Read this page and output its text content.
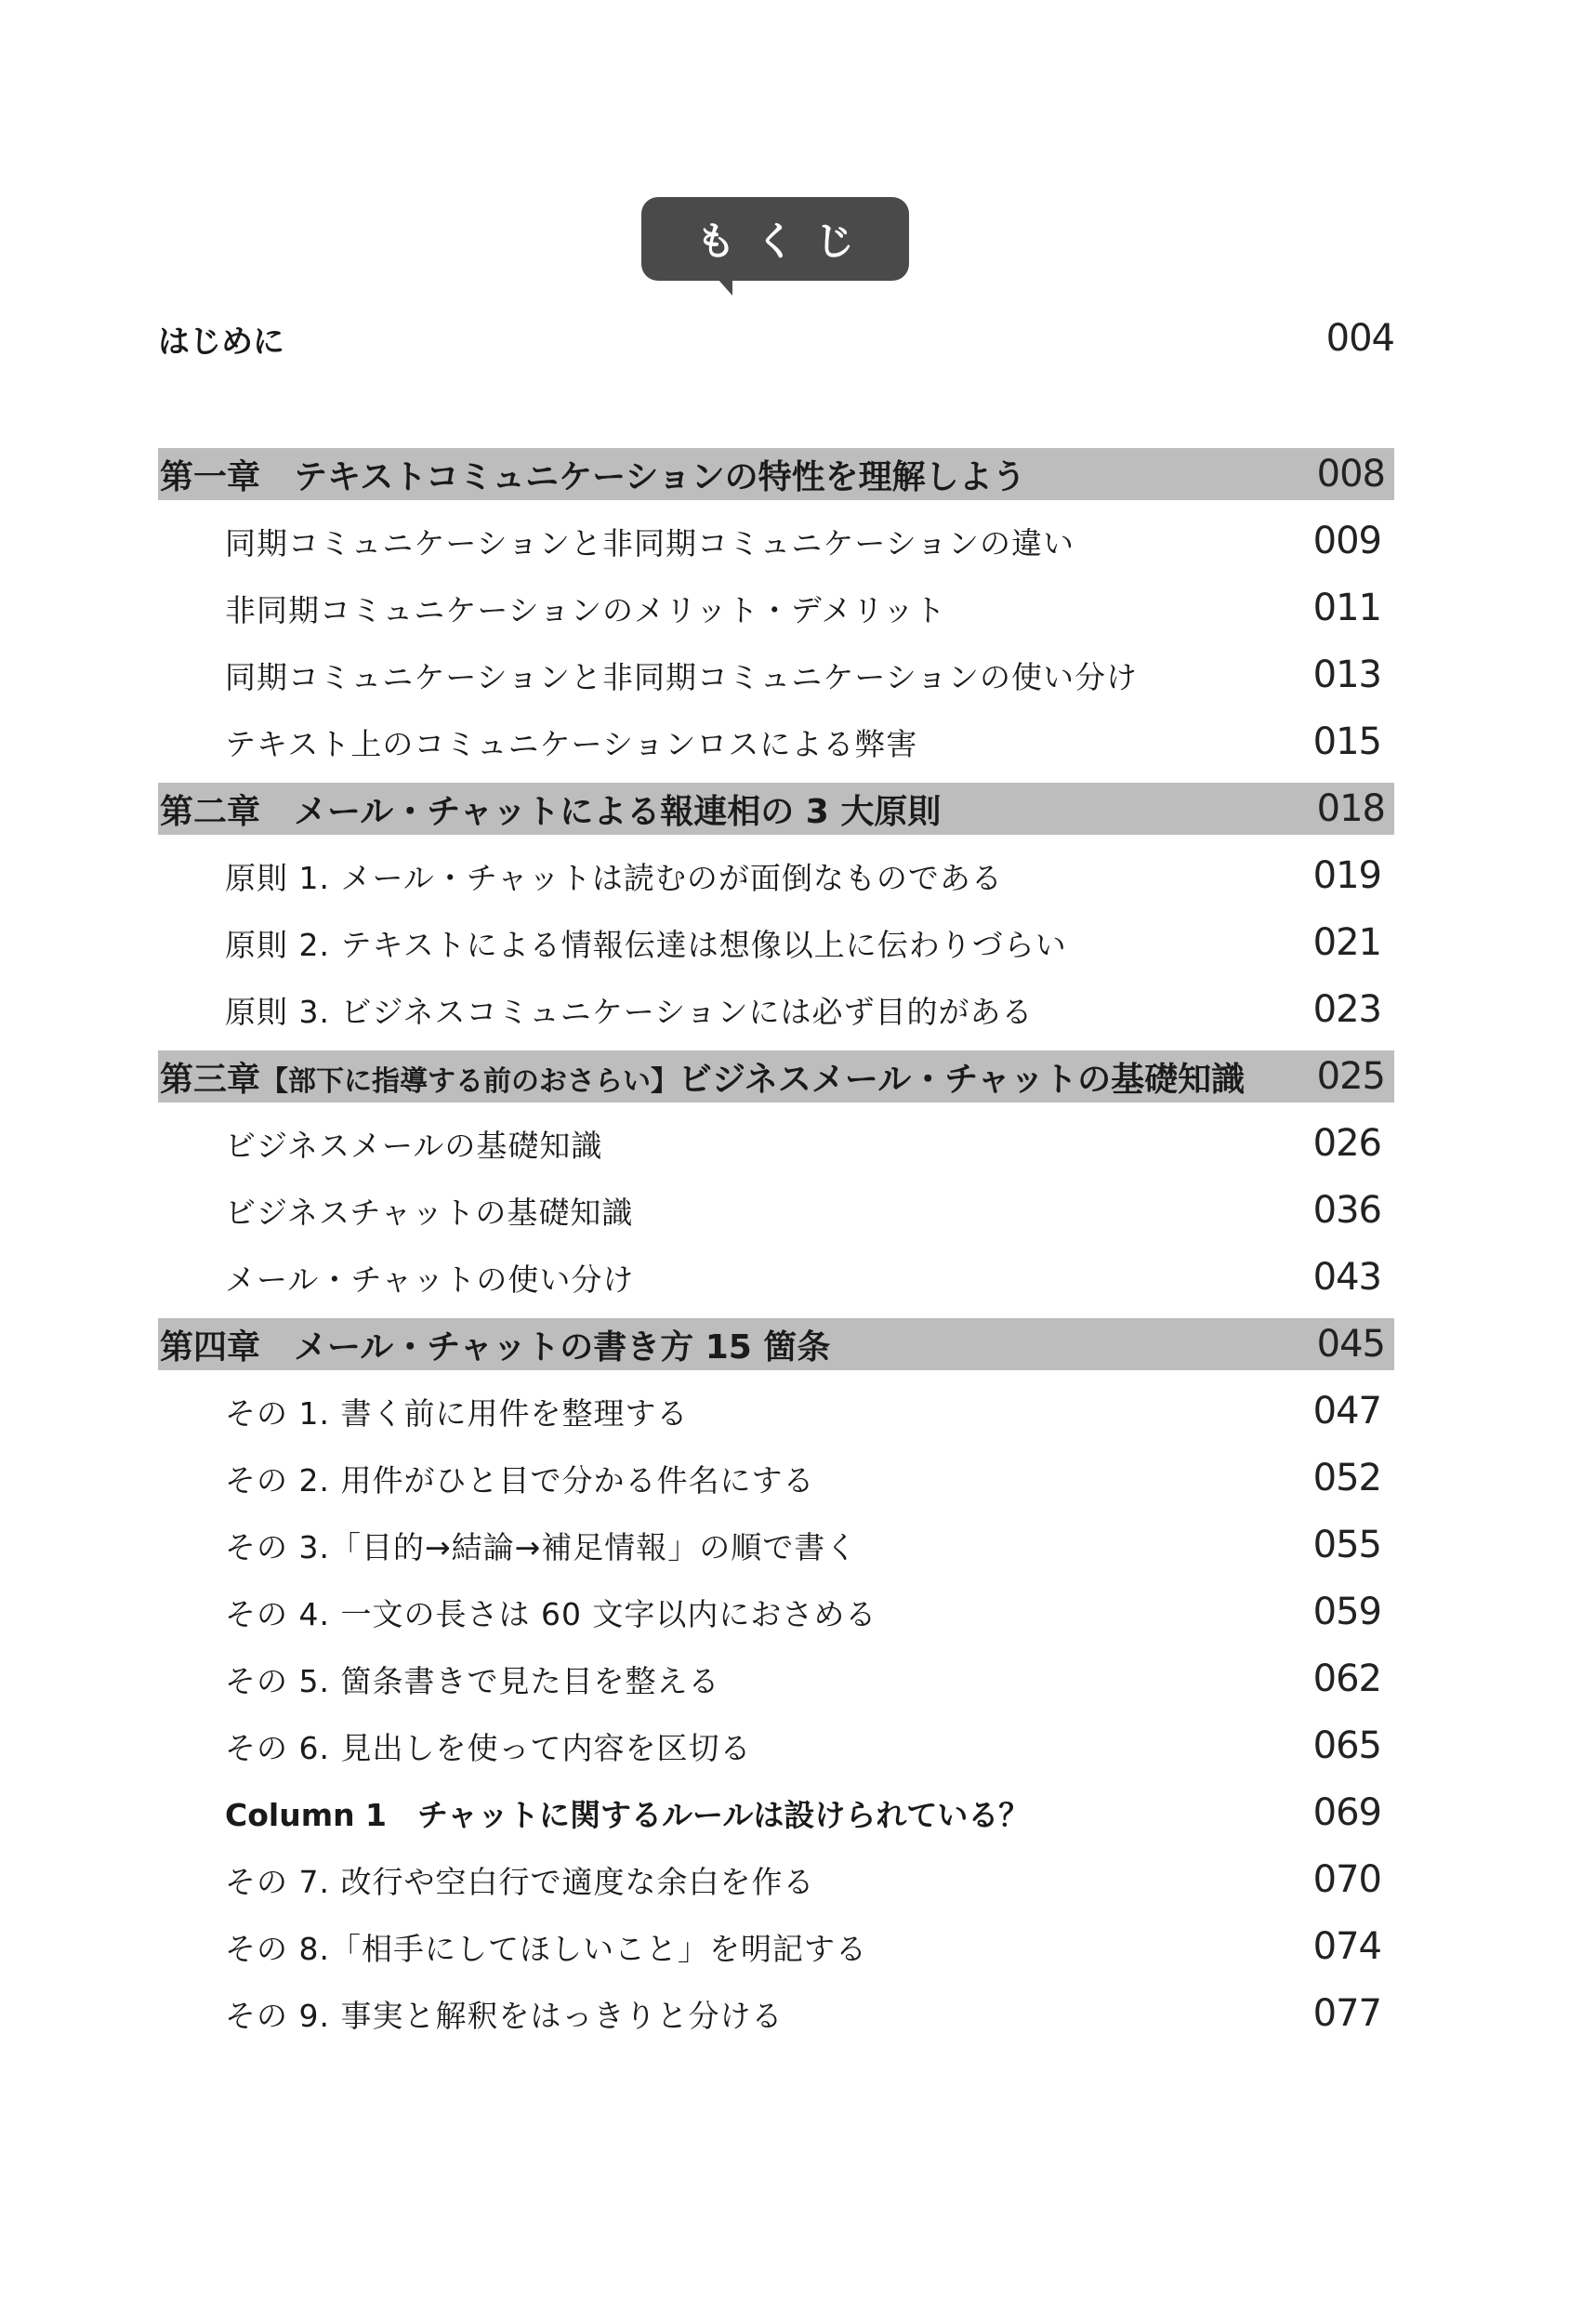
もくじ
はじめに	004
第一章　テキストコミュニケーションの特性を理解しよう	008
同期コミュニケーションと非同期コミュニケーションの違い	009
非同期コミュニケーションのメリット・デメリット	011
同期コミュニケーションと非同期コミュニケーションの使い分け	013
テキスト上のコミュニケーションロスによる弊害	015
第二章　メール・チャットによる報連相の 3 大原則	018
原則 1. メール・チャットは読むのが面倒なものである	019
原則 2. テキストによる情報伝達は想像以上に伝わりづらい	021
原則 3. ビジネスコミュニケーションには必ず目的がある	023
第三章【部下に指導する前のおさらい】ビジネスメール・チャットの基礎知識	025
ビジネスメールの基礎知識	026
ビジネスチャットの基礎知識	036
メール・チャットの使い分け	043
第四章　メール・チャットの書き方 15 箇条	045
その 1. 書く前に用件を整理する	047
その 2. 用件がひと目で分かる件名にする	052
その 3.「目的→結論→補足情報」の順で書く	055
その 4. 一文の長さは 60 文字以内におさめる	059
その 5. 箇条書きで見た目を整える	062
その 6. 見出しを使って内容を区切る	065
Column 1　チャットに関するルールは設けられている？	069
その 7. 改行や空白行で適度な余白を作る	070
その 8.「相手にしてほしいこと」を明記する	074
その 9. 事実と解釈をはっきりと分ける	077
